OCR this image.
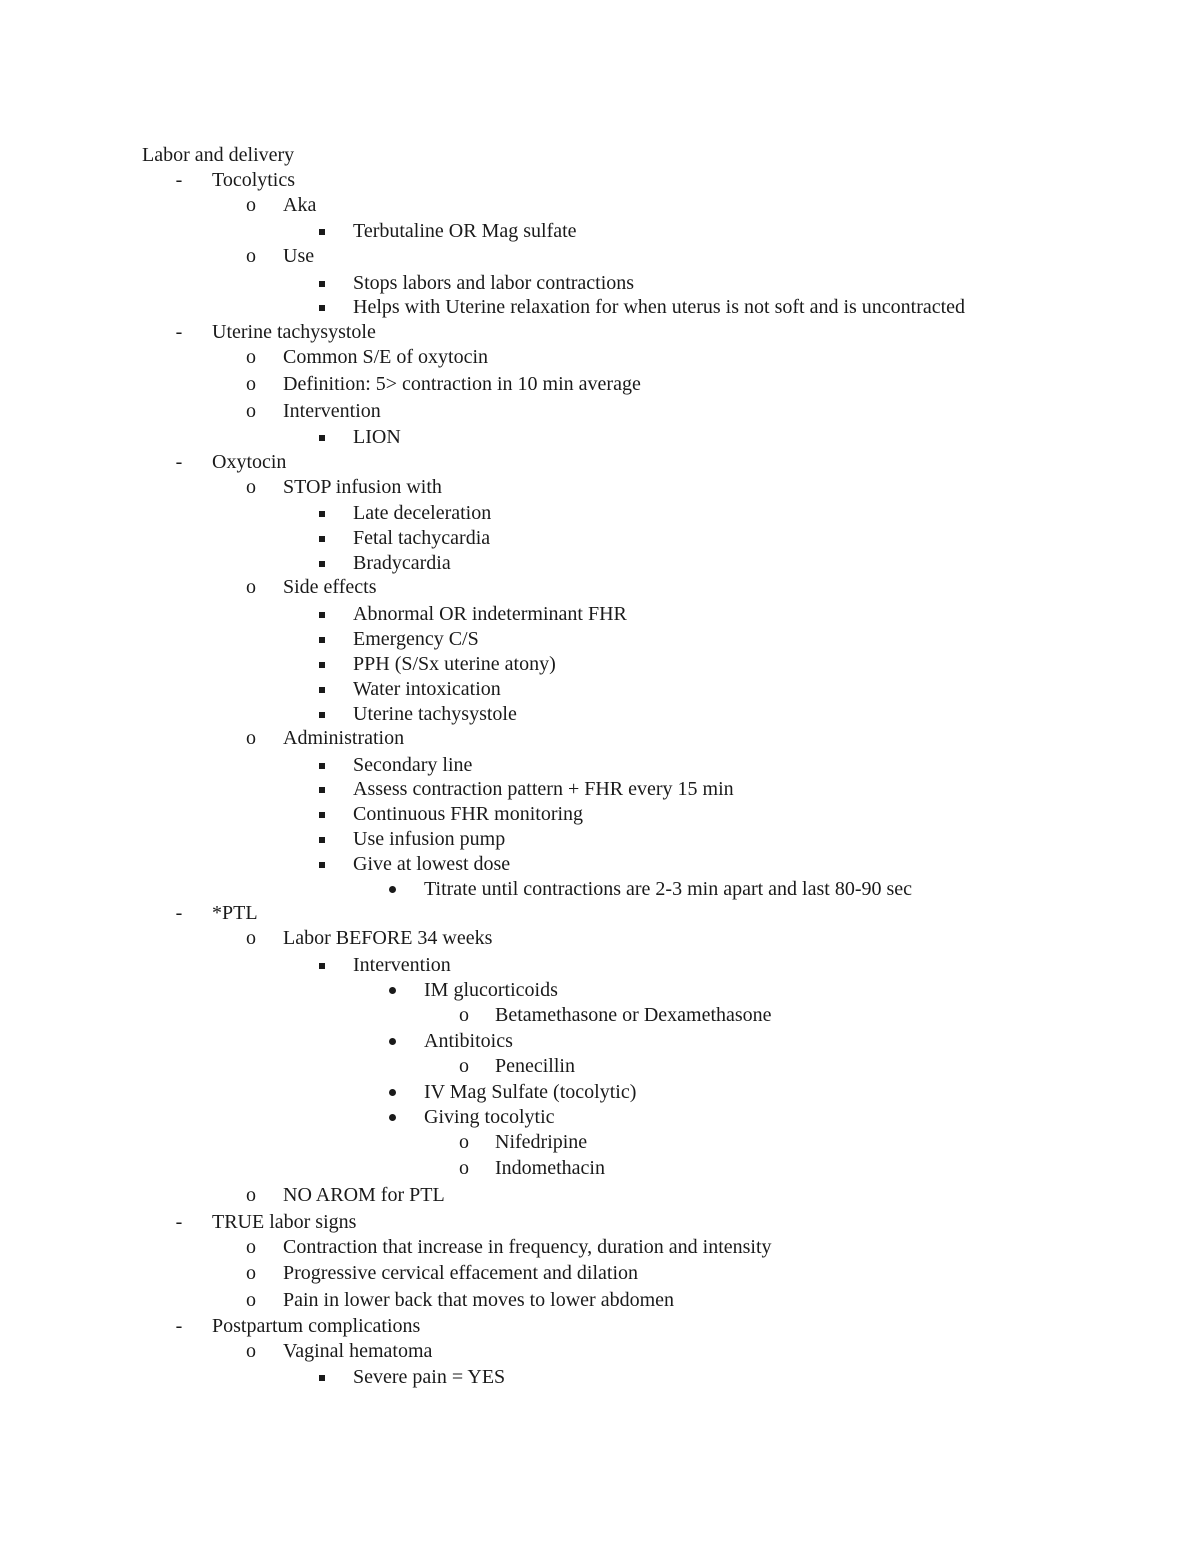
Labor and delivery
- Tocolytics
o Aka
Terbutaline OR Mag sulfate
o Use
Stops labors and labor contractions
Helps with Uterine relaxation for when uterus is not soft and is uncontracted
- Uterine tachysystole
o Common S/E of oxytocin
o Definition: 5> contraction in 10 min average
o Intervention
LION
- Oxytocin
o STOP infusion with
Late deceleration
Fetal tachycardia
Bradycardia
o Side effects
Abnormal OR indeterminant FHR
Emergency C/S
PPH (S/Sx uterine atony)
Water intoxication
Uterine tachysystole
o Administration
Secondary line
Assess contraction pattern + FHR every 15 min
Continuous FHR monitoring
Use infusion pump
Give at lowest dose
Titrate until contractions are 2-3 min apart and last 80-90 sec
- *PTL
o Labor BEFORE 34 weeks
Intervention
IM glucorticoids
o Betamethasone or Dexamethasone
Antibitoics
o Penecillin
IV Mag Sulfate (tocolytic)
Giving tocolytic
o Nifedripine
o Indomethacin
o NO AROM for PTL
- TRUE labor signs
o Contraction that increase in frequency, duration and intensity
o Progressive cervical effacement and dilation
o Pain in lower back that moves to lower abdomen
- Postpartum complications
o Vaginal hematoma
Severe pain = YES
